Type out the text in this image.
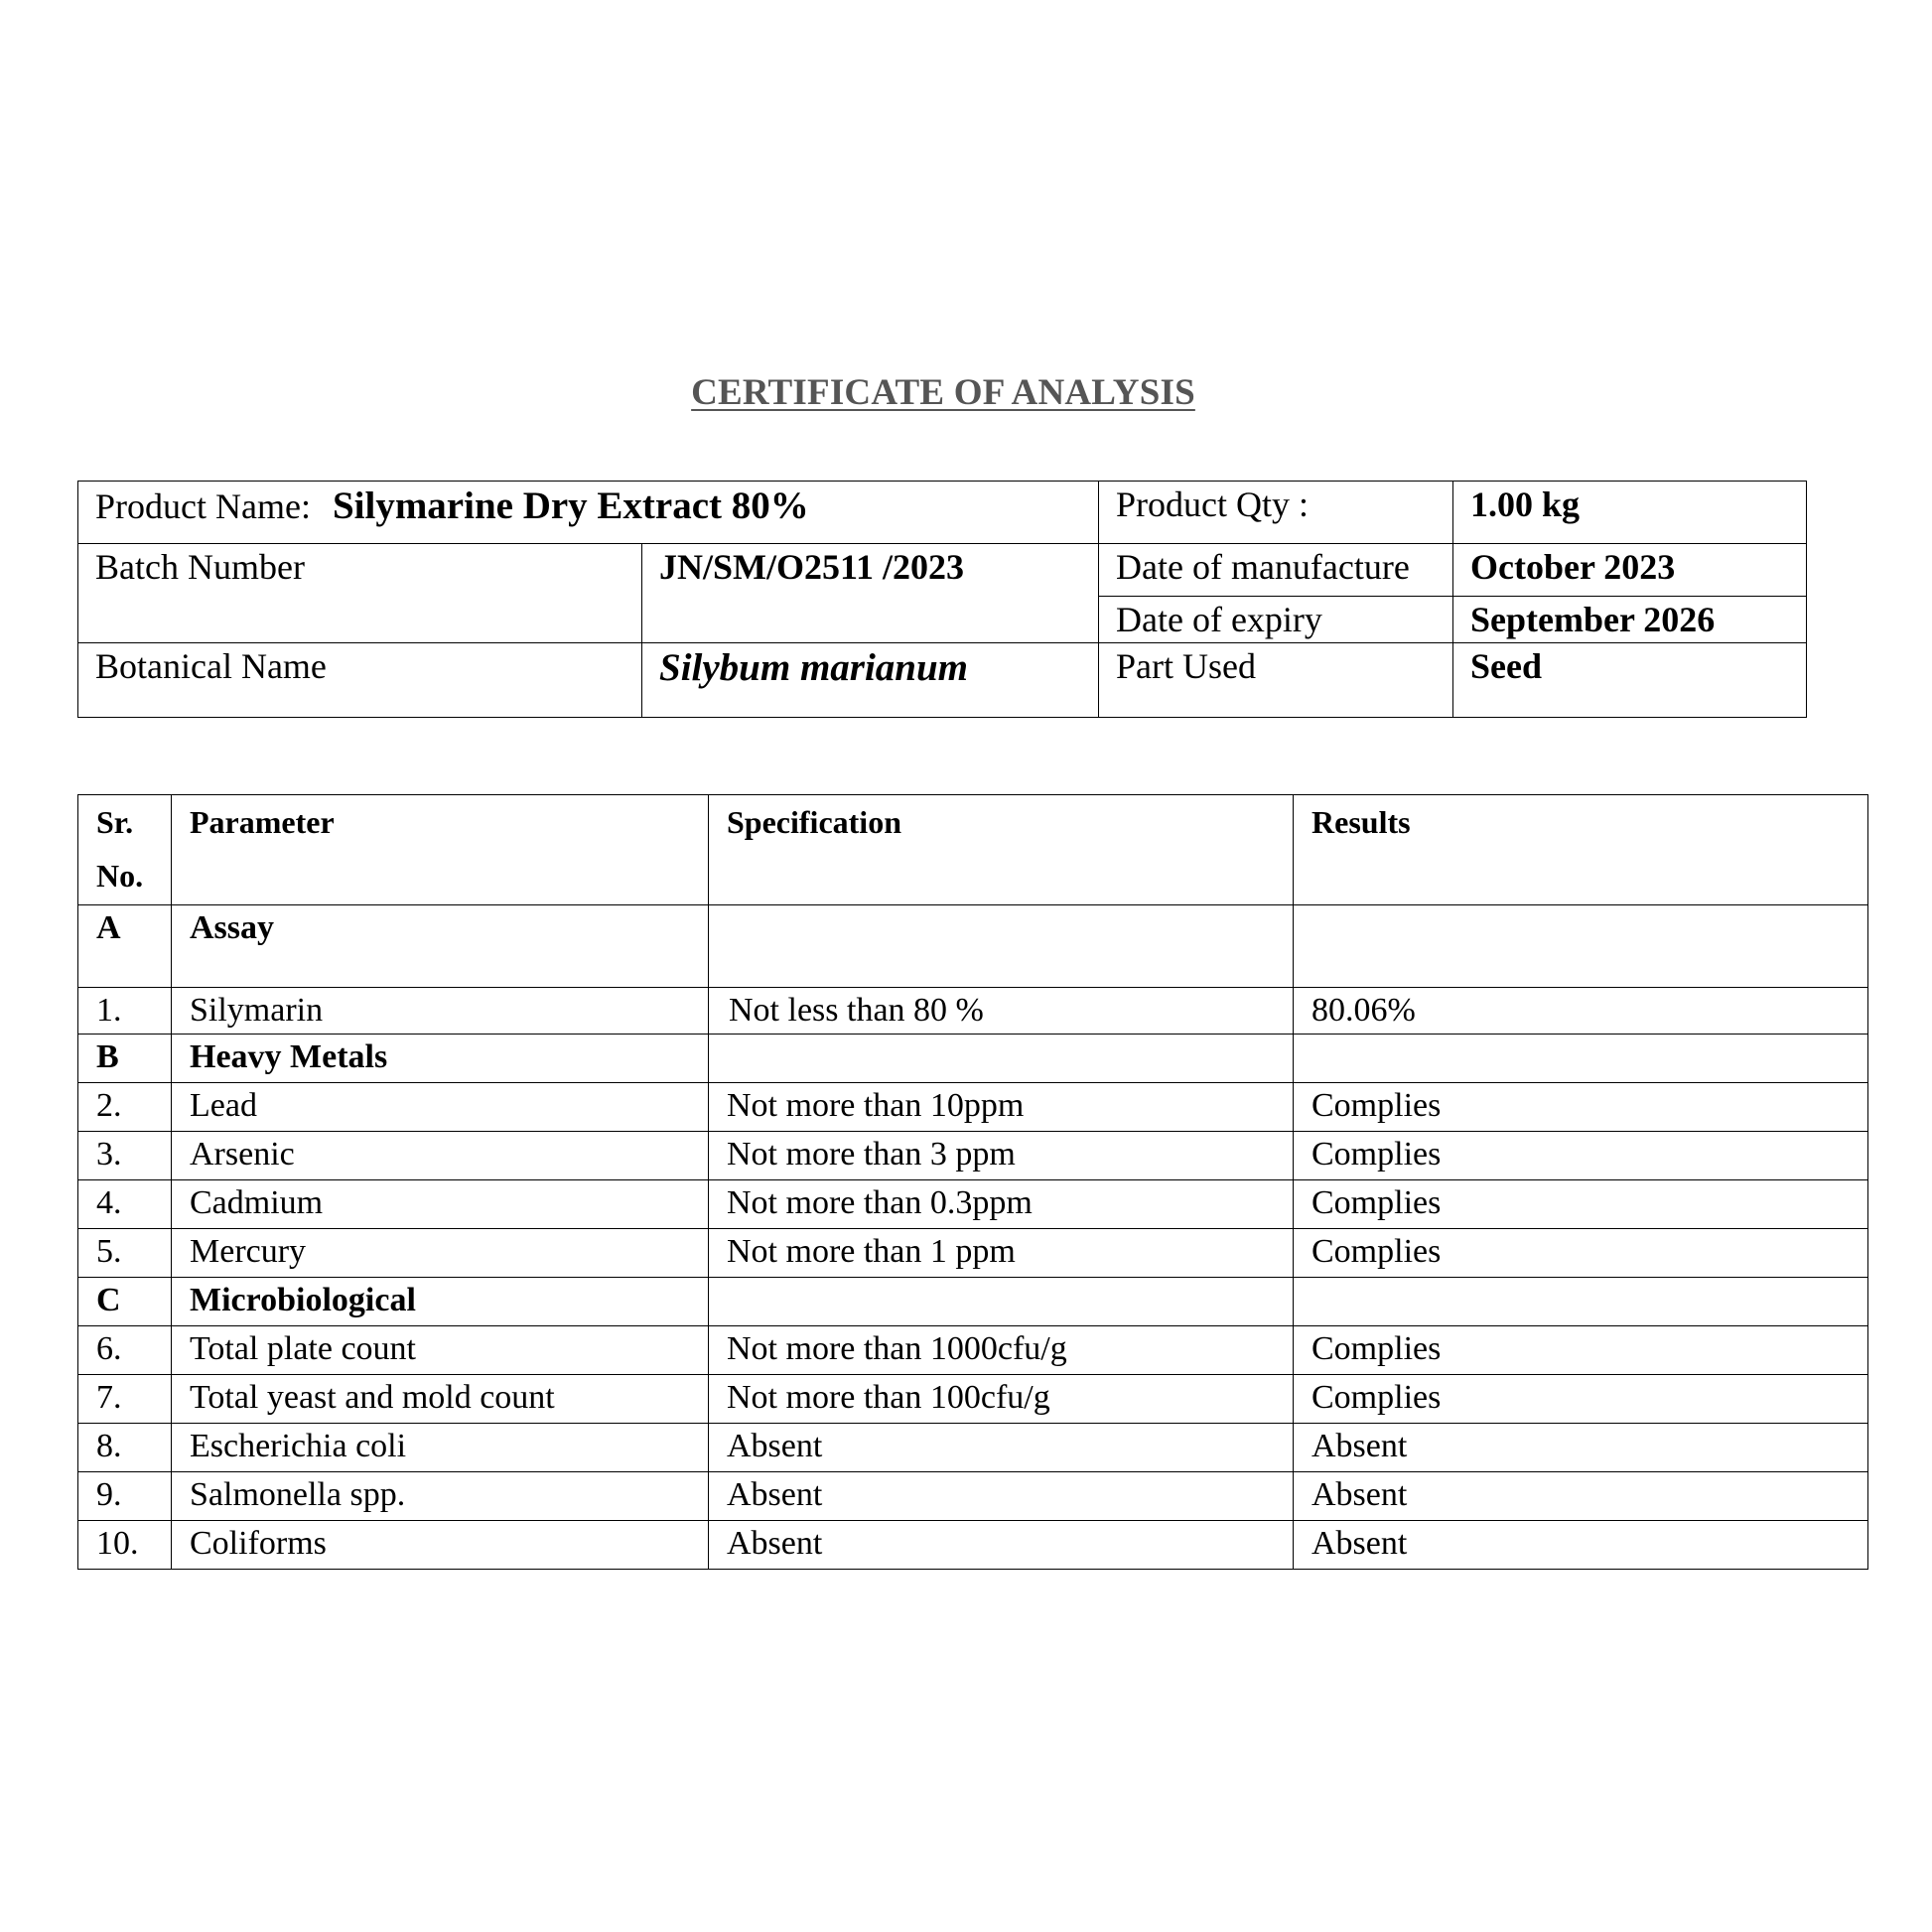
CERTIFICATE OF ANALYSIS
Product Name: Silymarine Dry Extract 80%		Product Qty :	1.00 kg
Batch Number	JN/SM/O2511 /2023	Date of manufacture	October 2023
		Date of expiry	September 2026
Botanical Name	Silybum marianum	Part Used	Seed
Sr.
No.	Parameter	Specification	Results
A	Assay		
1.	Silymarin	Not less than 80 %	80.06%
B	Heavy Metals		
2.	Lead	Not more than 10ppm	Complies
3.	Arsenic	Not more than 3 ppm	Complies
4.	Cadmium	Not more than 0.3ppm	Complies
5.	Mercury	Not more than 1 ppm	Complies
C	Microbiological		
6.	Total plate count	Not more than 1000cfu/g	Complies
7.	Total yeast and mold count	Not more than 100cfu/g	Complies
8.	Escherichia coli	Absent	Absent
9.	Salmonella spp.	Absent	Absent
10.	Coliforms	Absent	Absent
